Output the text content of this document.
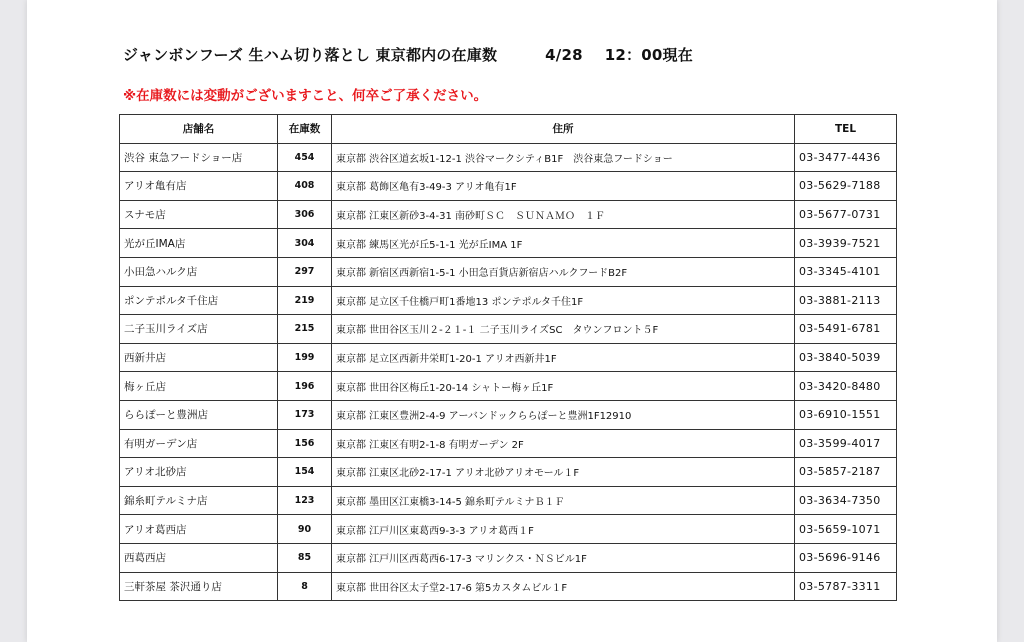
ジャンボンフーズ 生ハム切り落とし 東京都内の在庫数	4/28 12：00現在
※在庫数には変動がございますこと、何卒ご了承ください。
店舗名	在庫数	住所	TEL
渋谷 東急フードショー店	454	東京都 渋谷区道玄坂1-12-1 渋谷マークシティB1F　渋谷東急フードショー	03-3477-4436
アリオ亀有店	408	東京都 葛飾区亀有3-49-3 アリオ亀有1F	03-5629-7188
スナモ店	306	東京都 江東区新砂3-4-31 南砂町ＳＣ　ＳＵＮＡＭＯ　１Ｆ	03-5677-0731
光が丘IMA店	304	東京都 練馬区光が丘5-1-1 光が丘IMA 1F	03-3939-7521
小田急ハルク店	297	東京都 新宿区西新宿1-5-1 小田急百貨店新宿店ハルクフードB2F	03-3345-4101
ポンテポルタ千住店	219	東京都 足立区千住橋戸町1番地13 ポンテポルタ千住1F	03-3881-2113
二子玉川ライズ店	215	東京都 世田谷区玉川２-２１-１ 二子玉川ライズSC　タウンフロント５F	03-5491-6781
西新井店	199	東京都 足立区西新井栄町1-20-1 アリオ西新井1F	03-3840-5039
梅ヶ丘店	196	東京都 世田谷区梅丘1-20-14 シャトー梅ヶ丘1F	03-3420-8480
ららぽーと豊洲店	173	東京都 江東区豊洲2-4-9 アーバンドックららぽーと豊洲1F12910	03-6910-1551
有明ガーデン店	156	東京都 江東区有明2-1-8 有明ガーデン 2F	03-3599-4017
アリオ北砂店	154	東京都 江東区北砂2-17-1 アリオ北砂アリオモール１F	03-5857-2187
錦糸町テルミナ店	123	東京都 墨田区江東橋3-14-5 錦糸町テルミナＢ１Ｆ	03-3634-7350
アリオ葛西店	90	東京都 江戸川区東葛西9-3-3 アリオ葛西１F	03-5659-1071
西葛西店	85	東京都 江戸川区西葛西6-17-3 マリンクス・ＮＳビル1F	03-5696-9146
三軒茶屋 茶沢通り店	8	東京都 世田谷区太子堂2-17-6 第5カスタムビル１F	03-5787-3311
